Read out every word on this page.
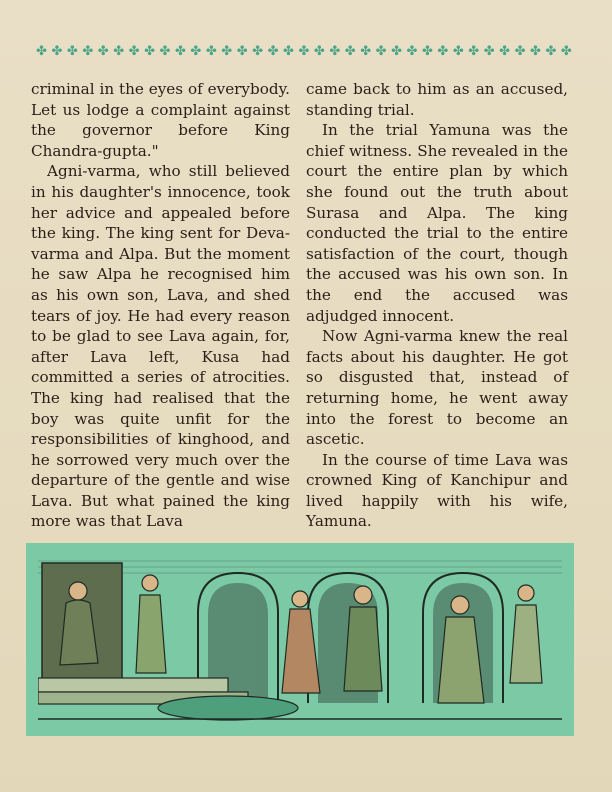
✤ ✤ ✤ ✤ ✤ ✤ ✤ ✤ ✤ ✤ ✤ ✤ ✤ ✤ ✤ ✤ ✤ ✤ ✤ ✤ ✤ ✤ ✤ ✤ ✤ ✤ ✤ ✤ ✤ ✤ ✤ ✤ ✤ ✤ ✤

criminal in the eyes of everybody. Let us lodge a complaint against the governor before King Chandra-gupta."

Agni-varma, who still believed in his daughter's innocence, took her advice and appealed before the king. The king sent for Deva-varma and Alpa. But the moment he saw Alpa he recognised him as his own son, Lava, and shed tears of joy. He had every reason to be glad to see Lava again, for, after Lava left, Kusa had committed a series of atrocities. The king had realised that the boy was quite unfit for the responsibilities of kinghood, and he sorrowed very much over the departure of the gentle and wise Lava. But what pained the king more was that Lava

came back to him as an accused, standing trial.

In the trial Yamuna was the chief witness. She revealed in the court the entire plan by which she found out the truth about Surasa and Alpa. The king conducted the trial to the entire satisfaction of the court, though the accused was his own son. In the end the accused was adjudged innocent.

Now Agni-varma knew the real facts about his daughter. He got so disgusted that, instead of returning home, he went away into the forest to become an ascetic.

In the course of time Lava was crowned King of Kanchipur and lived happily with his wife, Yamuna.
